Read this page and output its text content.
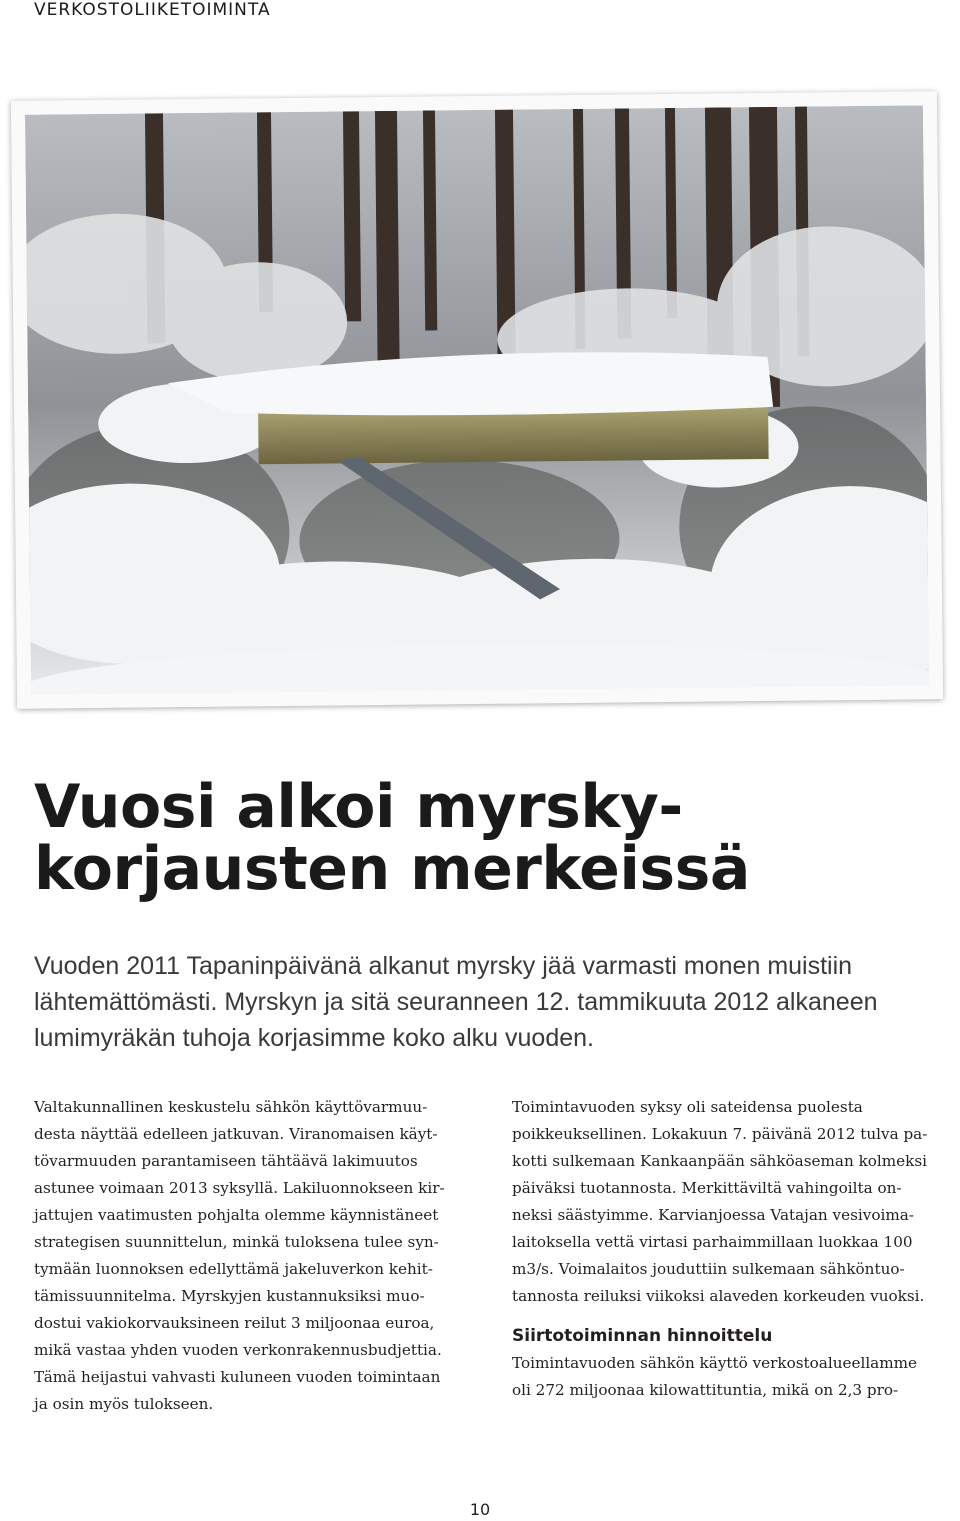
VERKOSTOLIIKETOIMINTA
Vuosi alkoi myrsky-
korjausten merkeissä
Vuoden 2011 Tapaninpäivänä alkanut myrsky jää varmasti monen muistiin
lähtemättömästi. Myrskyn ja sitä seuranneen 12. tammikuuta 2012 alkaneen
lumimyräkän tuhoja korjasimme koko alku vuoden.
Valtakunnallinen keskustelu sähkön käyttövarmuu-
desta näyttää edelleen jatkuvan. Viranomaisen käyt-
tövarmuuden parantamiseen tähtäävä lakimuutos
astunee voimaan 2013 syksyllä. Lakiluonnokseen kir-
jattujen vaatimusten pohjalta olemme käynnistäneet
strategisen suunnittelun, minkä tuloksena tulee syn-
tymään luonnoksen edellyttämä jakeluverkon kehit-
tämissuunnitelma. Myrskyjen kustannuksiksi muo-
dostui vakiokorvauksineen reilut 3 miljoonaa euroa,
mikä vastaa yhden vuoden verkonrakennusbudjettia.
Tämä heijastui vahvasti kuluneen vuoden toimintaan
ja osin myös tulokseen.
Toimintavuoden syksy oli sateidensa puolesta
poikkeuksellinen. Lokakuun 7. päivänä 2012 tulva pa-
kotti sulkemaan Kankaanpään sähköaseman kolmeksi
päiväksi tuotannosta. Merkittäviltä vahingoilta on-
neksi säästyimme. Karvianjoessa Vatajan vesivoima-
laitoksella vettä virtasi parhaimmillaan luokkaa 100
m3/s. Voimalaitos jouduttiin sulkemaan sähköntuo-
tannosta reiluksi viikoksi alaveden korkeuden vuoksi.
Siirtotoiminnan hinnoittelu
Toimintavuoden sähkön käyttö verkostoalueellamme
oli 272 miljoonaa kilowattituntia, mikä on 2,3 pro-
10
